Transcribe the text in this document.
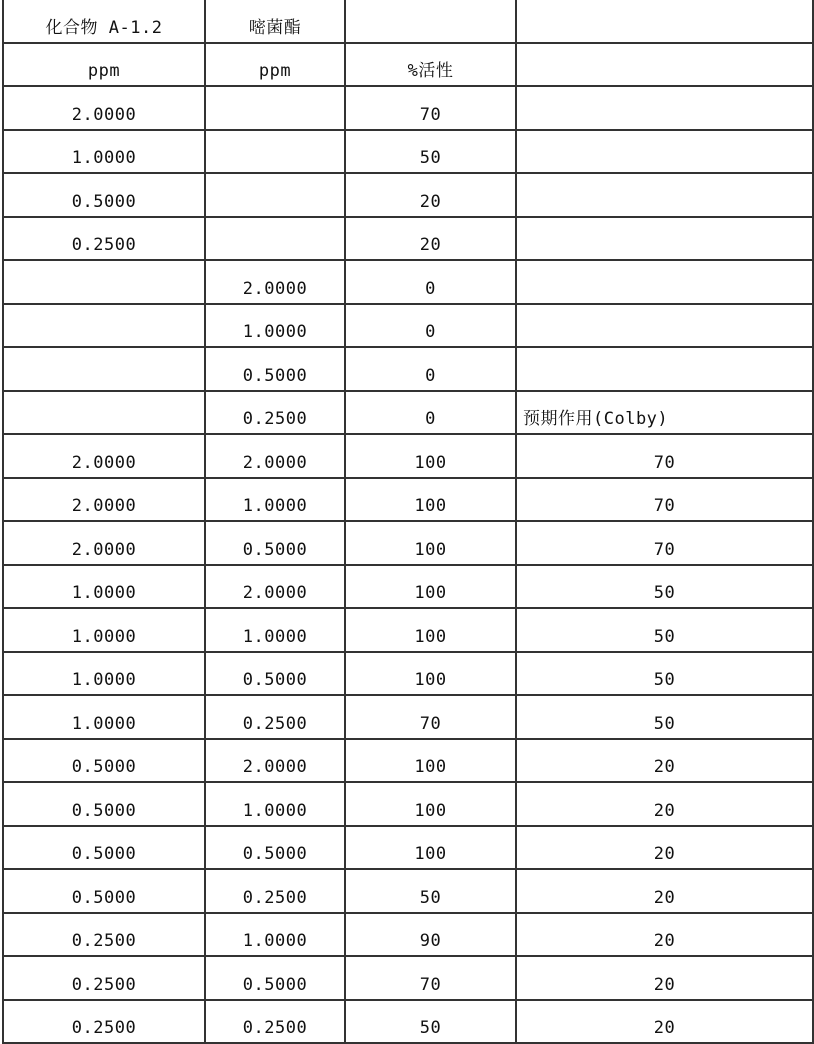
化合物 A-1.2	嘧菌酯		
ppm	ppm	%活性	
2.0000		70	
1.0000		50	
0.5000		20	
0.2500		20	
	2.0000	0	
	1.0000	0	
	0.5000	0	
	0.2500	0	预期作用(Colby)
2.0000	2.0000	100	70
2.0000	1.0000	100	70
2.0000	0.5000	100	70
1.0000	2.0000	100	50
1.0000	1.0000	100	50
1.0000	0.5000	100	50
1.0000	0.2500	70	50
0.5000	2.0000	100	20
0.5000	1.0000	100	20
0.5000	0.5000	100	20
0.5000	0.2500	50	20
0.2500	1.0000	90	20
0.2500	0.5000	70	20
0.2500	0.2500	50	20
